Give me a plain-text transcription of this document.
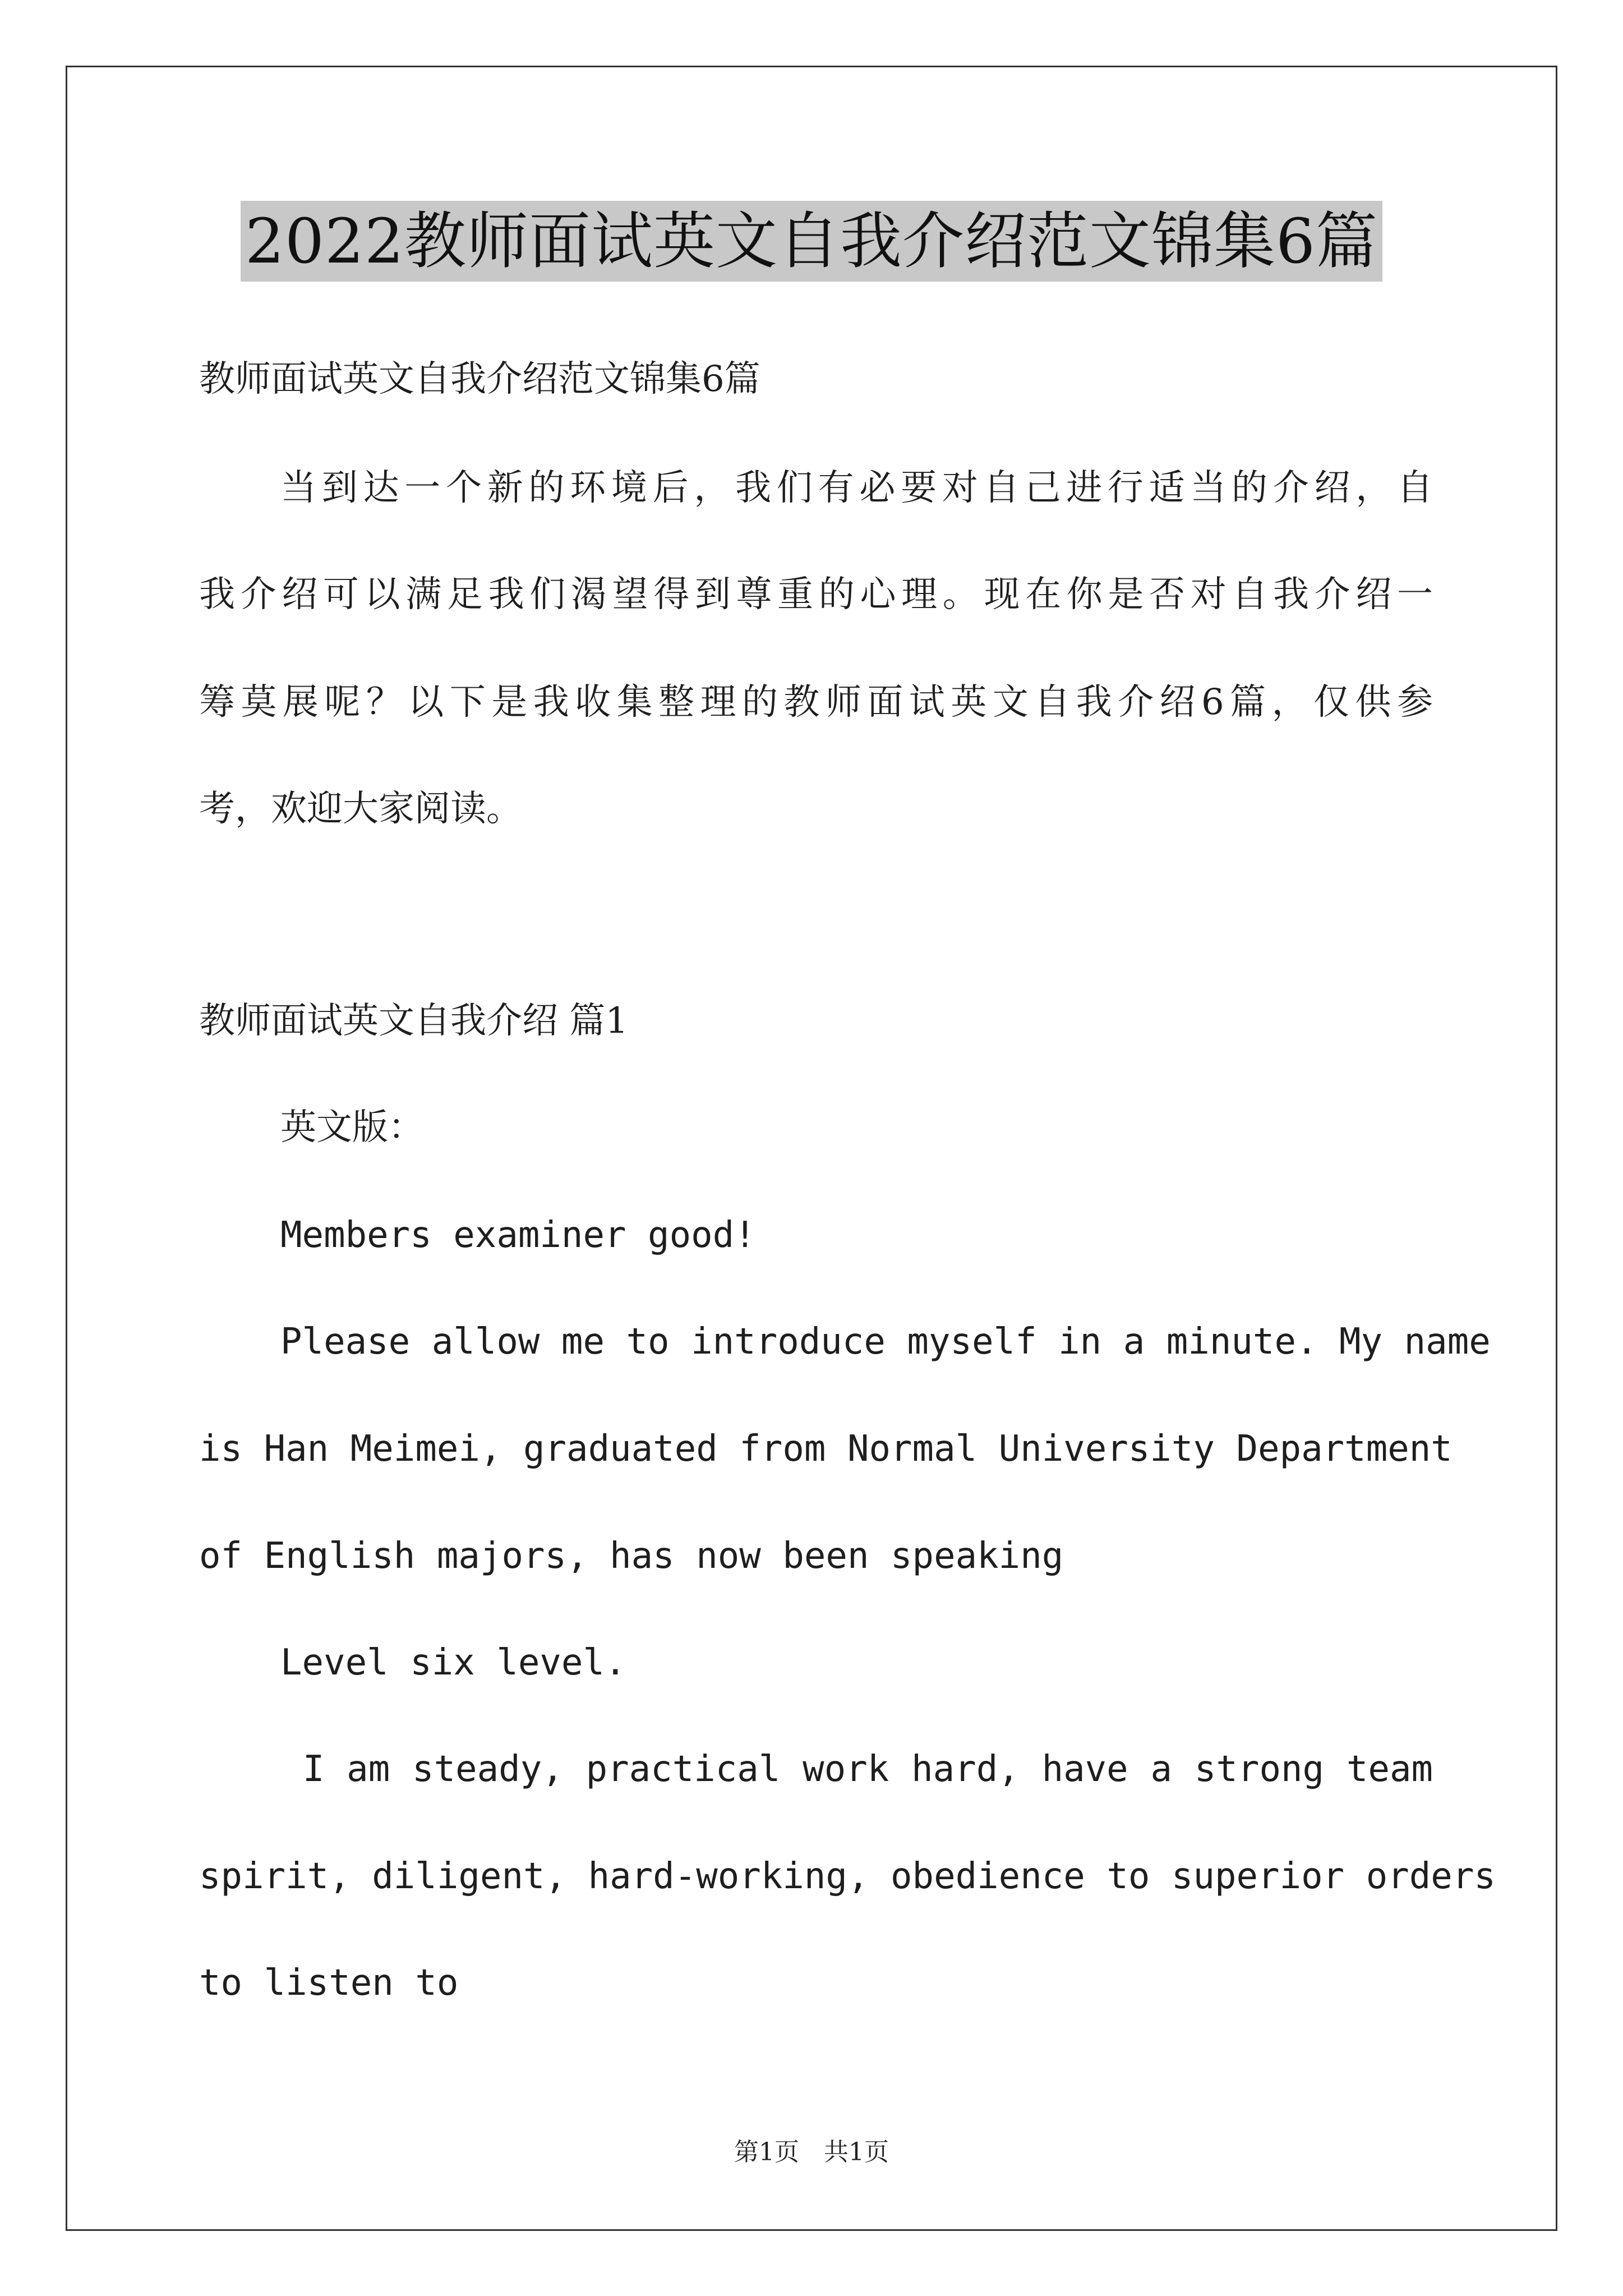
2022教师面试英文自我介绍范文锦集6篇
教师面试英文自我介绍范文锦集6篇
当到达一个新的环境后，我们有必要对自己进行适当的介绍，自
我介绍可以满足我们渴望得到尊重的心理。现在你是否对自我介绍一
筹莫展呢？以下是我收集整理的教师面试英文自我介绍6篇，仅供参
考，欢迎大家阅读。
教师面试英文自我介绍 篇1
英文版：
Members examiner good!
Please allow me to introduce myself in a minute. My name
is Han Meimei, graduated from Normal University Department
of English majors, has now been speaking
Level six level.
I am steady, practical work hard, have a strong team
spirit, diligent, hard-working, obedience to superior orders
to listen to
第1页　共1页
